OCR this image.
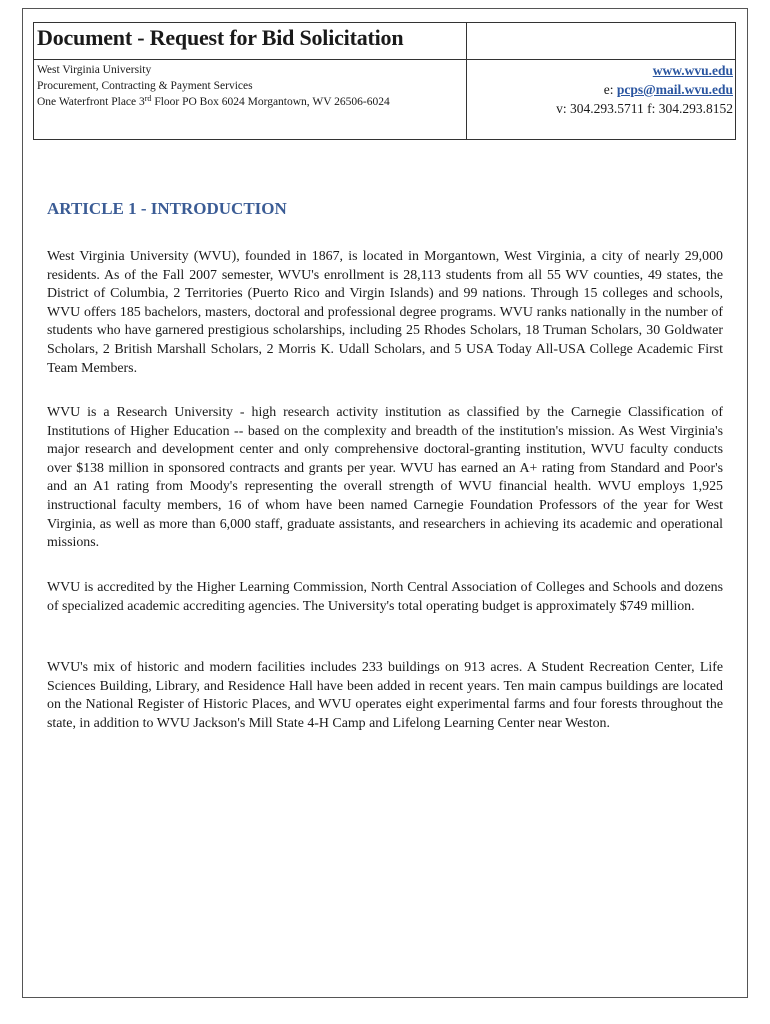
Document - Request for Bid Solicitation
West Virginia University
Procurement, Contracting & Payment Services
One Waterfront Place 3rd Floor PO Box 6024 Morgantown, WV 26506-6024
www.wvu.edu
e: pcps@mail.wvu.edu
v: 304.293.5711 f: 304.293.8152
ARTICLE 1 - INTRODUCTION

West Virginia University (WVU), founded in 1867, is located in Morgantown, West Virginia, a city of nearly 29,000 residents. As of the Fall 2007 semester, WVU's enrollment is 28,113 students from all 55 WV counties, 49 states, the District of Columbia, 2 Territories (Puerto Rico and Virgin Islands) and 99 nations. Through 15 colleges and schools, WVU offers 185 bachelors, masters, doctoral and professional degree programs. WVU ranks nationally in the number of students who have garnered prestigious scholarships, including 25 Rhodes Scholars, 18 Truman Scholars, 30 Goldwater Scholars, 2 British Marshall Scholars, 2 Morris K. Udall Scholars, and 5 USA Today All-USA College Academic First Team Members.

WVU is a Research University - high research activity institution as classified by the Carnegie Classification of Institutions of Higher Education -- based on the complexity and breadth of the institution's mission. As West Virginia's major research and development center and only comprehensive doctoral-granting institution, WVU faculty conducts over $138 million in sponsored contracts and grants per year. WVU has earned an A+ rating from Standard and Poor's and an A1 rating from Moody's representing the overall strength of WVU financial health. WVU employs 1,925 instructional faculty members, 16 of whom have been named Carnegie Foundation Professors of the year for West Virginia, as well as more than 6,000 staff, graduate assistants, and researchers in achieving its academic and operational missions.

WVU is accredited by the Higher Learning Commission, North Central Association of Colleges and Schools and dozens of specialized academic accrediting agencies. The University's total operating budget is approximately $749 million.

WVU's mix of historic and modern facilities includes 233 buildings on 913 acres. A Student Recreation Center, Life Sciences Building, Library, and Residence Hall have been added in recent years. Ten main campus buildings are located on the National Register of Historic Places, and WVU operates eight experimental farms and four forests throughout the state, in addition to WVU Jackson's Mill State 4-H Camp and Lifelong Learning Center near Weston.
